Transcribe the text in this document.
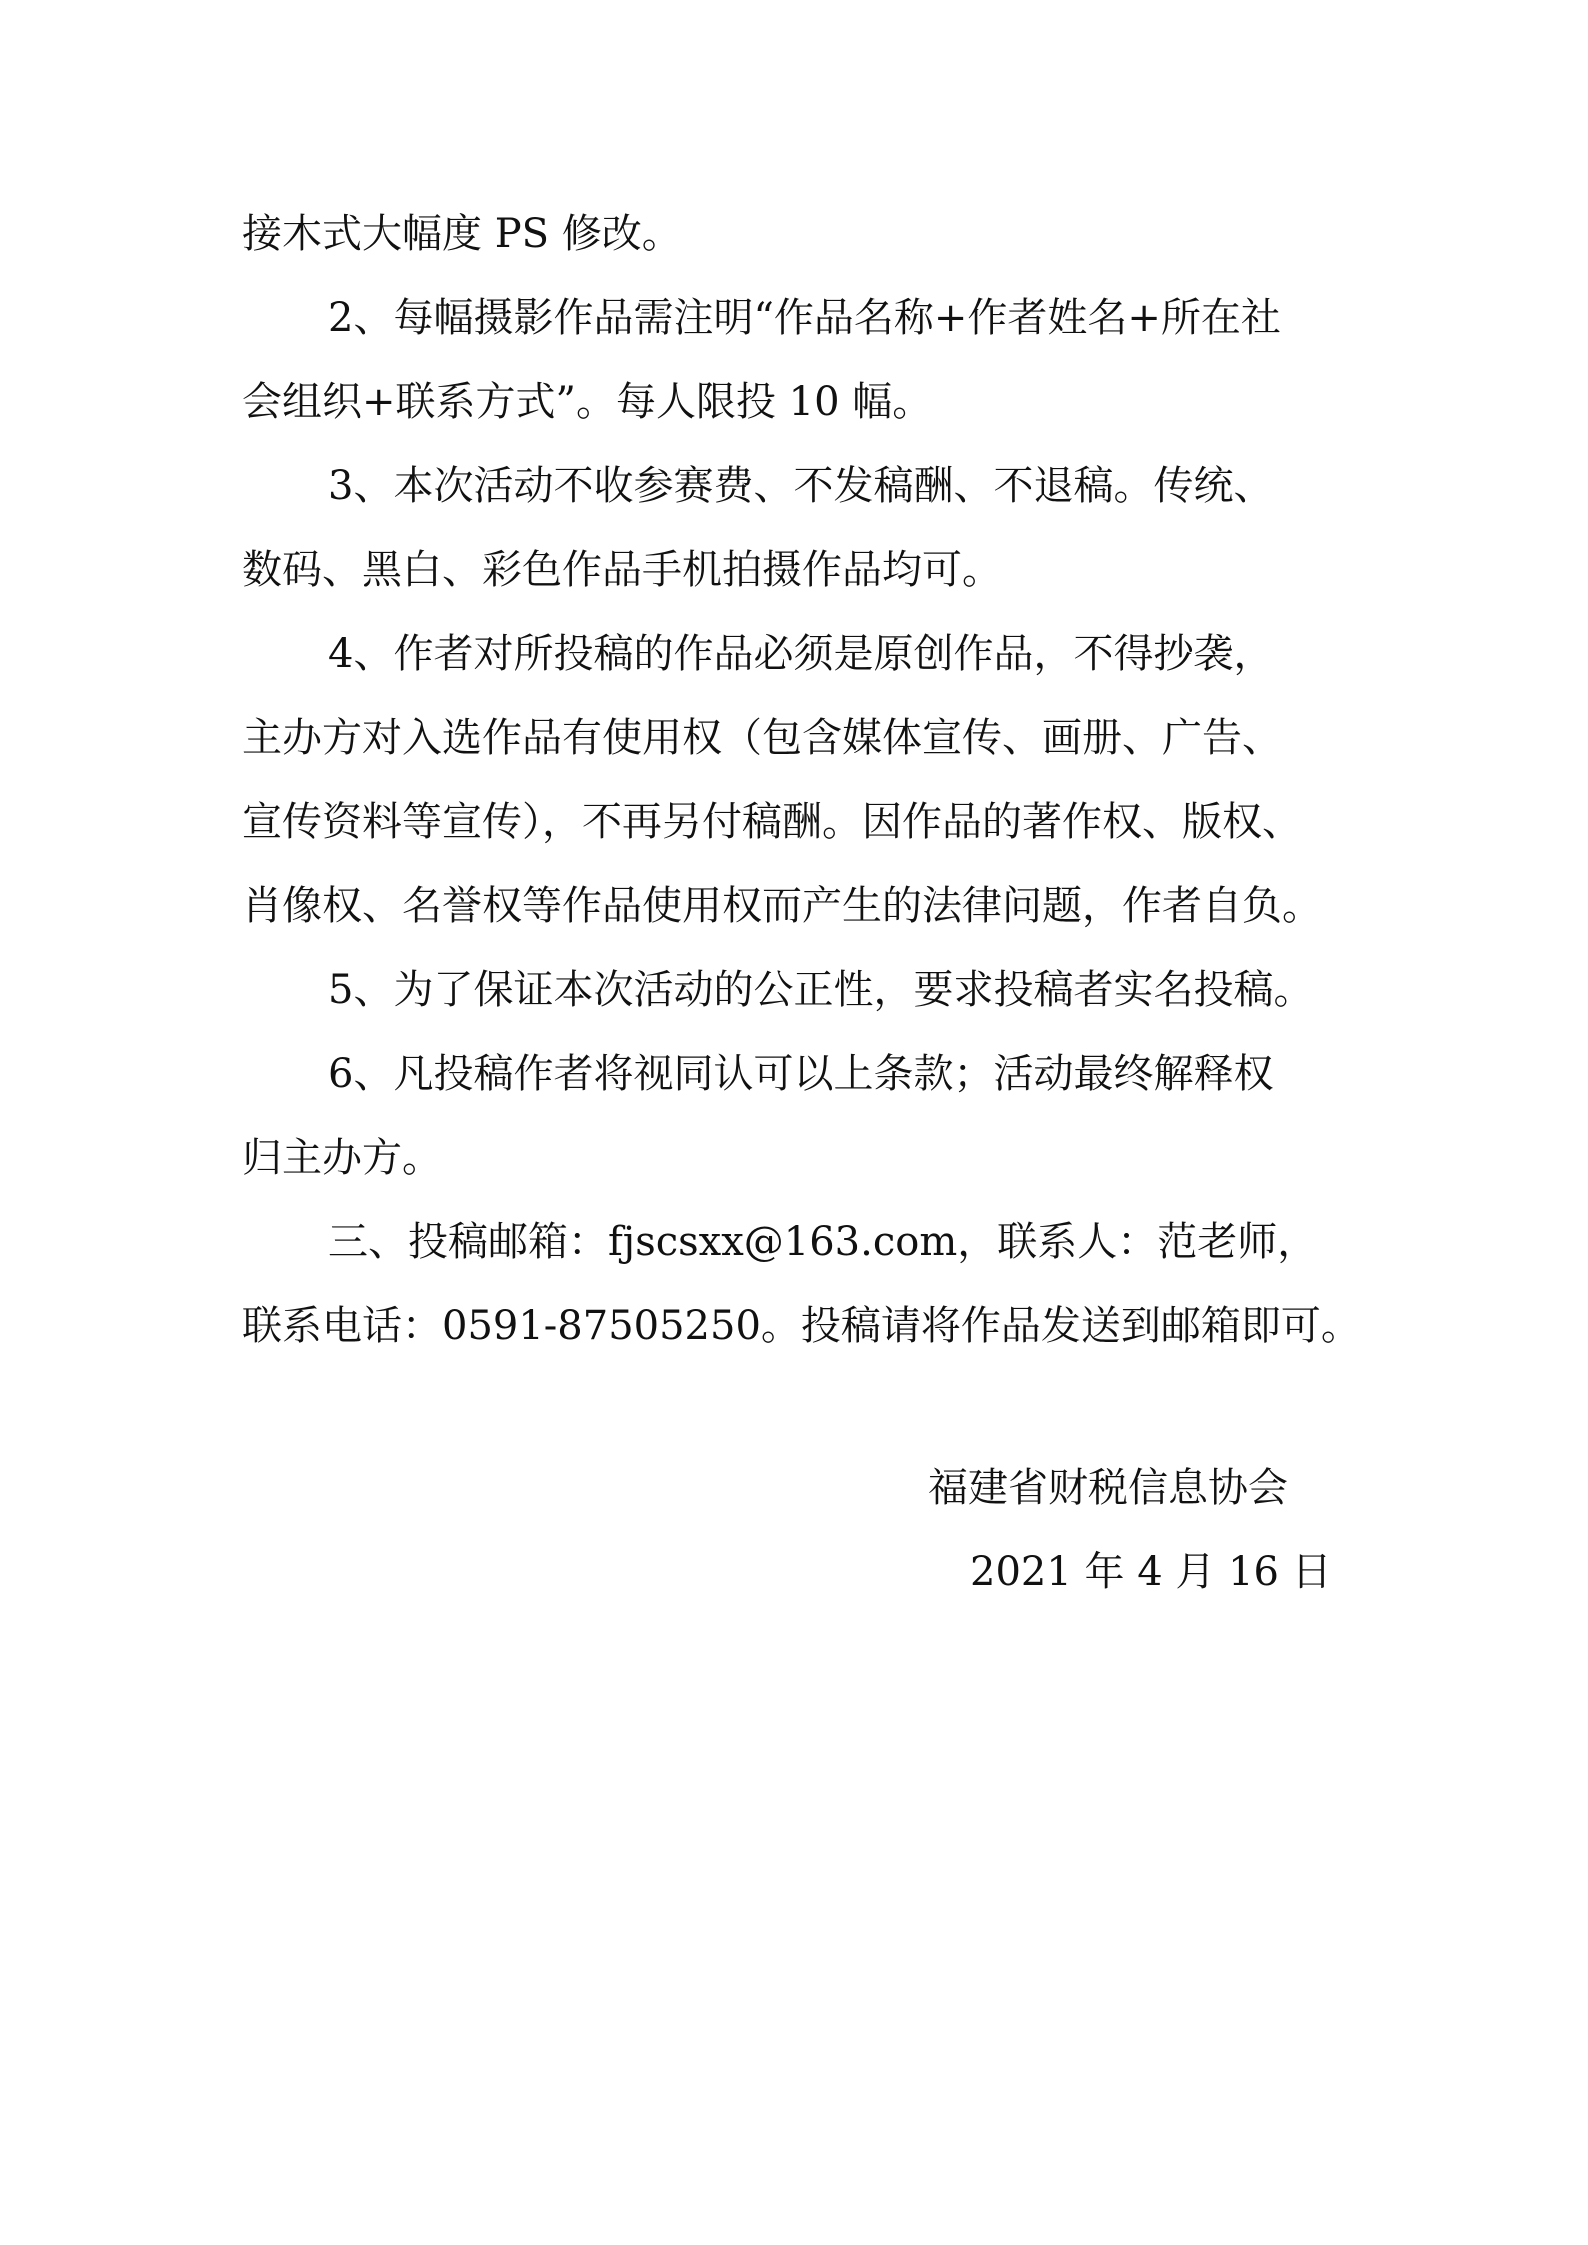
接木式大幅度 PS 修改。
2、每幅摄影作品需注明“作品名称+作者姓名+所在社
会组织+联系方式”。每人限投 10 幅。
3、本次活动不收参赛费、不发稿酬、不退稿。传统、
数码、黑白、彩色作品手机拍摄作品均可。
4、作者对所投稿的作品必须是原创作品，不得抄袭，
主办方对入选作品有使用权（包含媒体宣传、画册、广告、
宣传资料等宣传），不再另付稿酬。因作品的著作权、版权、
肖像权、名誉权等作品使用权而产生的法律问题，作者自负。
5、为了保证本次活动的公正性，要求投稿者实名投稿。
6、凡投稿作者将视同认可以上条款；活动最终解释权
归主办方。
三、投稿邮箱：fjscsxx@163.com，联系人：范老师，
联系电话：0591-87505250。投稿请将作品发送到邮箱即可。
福建省财税信息协会
2021 年 4 月 16 日
